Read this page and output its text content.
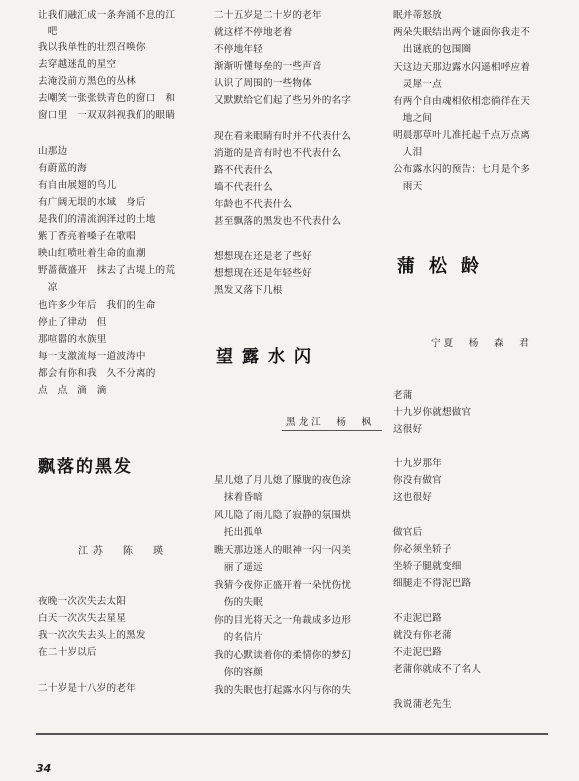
让我们融汇成一条奔涌不息的江
　吧
我以我单性的壮烈召唤你
去穿越迷乱的星空
去淹没前方黑色的丛林
去嘲笑一张张铁青色的窗口　和
窗口里　一双双斜视我们的眼睛
山那边
有蔚蓝的海
有自由展翅的鸟儿
有广阔无垠的水域　身后
是我们的清流润泽过的土地
紫丁香亮着嗓子在歌唱
映山红喷吐着生命的血潮
野蔷薇盛开　抹去了古堤上的荒
　凉
也许多少年后　我们的生命
停止了律动　但
那喧嚣的水族里
每一支激流每一道波涛中
都会有你和我　久不分离的
点　点　滴　滴
飘落的黑发
江苏　陈　瑛
夜晚一次次失去太阳
白天一次次失去星星
我一次次失去头上的黑发
在二十岁以后
二十岁是十八岁的老年
二十五岁是二十岁的老年
就这样不停地老着
不停地年轻
渐渐听懂每垒的一些声音
认识了周围的一些物体
又默默给它们起了些另外的名字
现在看来眼睛有时并不代表什么
消逝的是音有时也不代表什么
路不代表什么
墙不代表什么
年龄也不代表什么
甚至飘落的黑发也不代表什么
想想现在还是老了些好
想想现在还是年轻些好
黑发又落下几根
望露水闪
黑龙江　杨　枫
星儿熄了月儿熄了朦胧的夜色涂
　抹着昏暗
风儿隐了雨儿隐了寂静的氛围烘
　托出孤单
瞧天那边迷人的眼神一闪一闪美
　丽了遥远
我猜今夜你正盛开着一朵忧伤忧
　伤的失眠
你的目光将天之一角裁成多边形
　的名信片
我的心默读着你的柔情你的梦幻
　你的容颜
我的失眠也打起露水闪与你的失
眠并蒂怒放
两朵失眠结出两个谜面你我走不
　出谜底的包围圈
天这边天那边露水闪遥相呼应着
　灵犀一点
有两个自由魂相依相恋徜徉在天
　地之间
明晨那草叶儿准托起千点万点离
　人泪
公布露水闪的预告：七月是个多
　雨天
蒲松龄
宁夏　杨　森　君
老蒲
十九岁你就想做官
这很好
十九岁那年
你没有做官
这也很好
做官后
你必须坐轿子
坐轿子腿就变细
细腿走不得泥巴路
不走泥巴路
就没有你老蒲
不走泥巴路
老蒲你就成不了名人
我说蒲老先生
34
